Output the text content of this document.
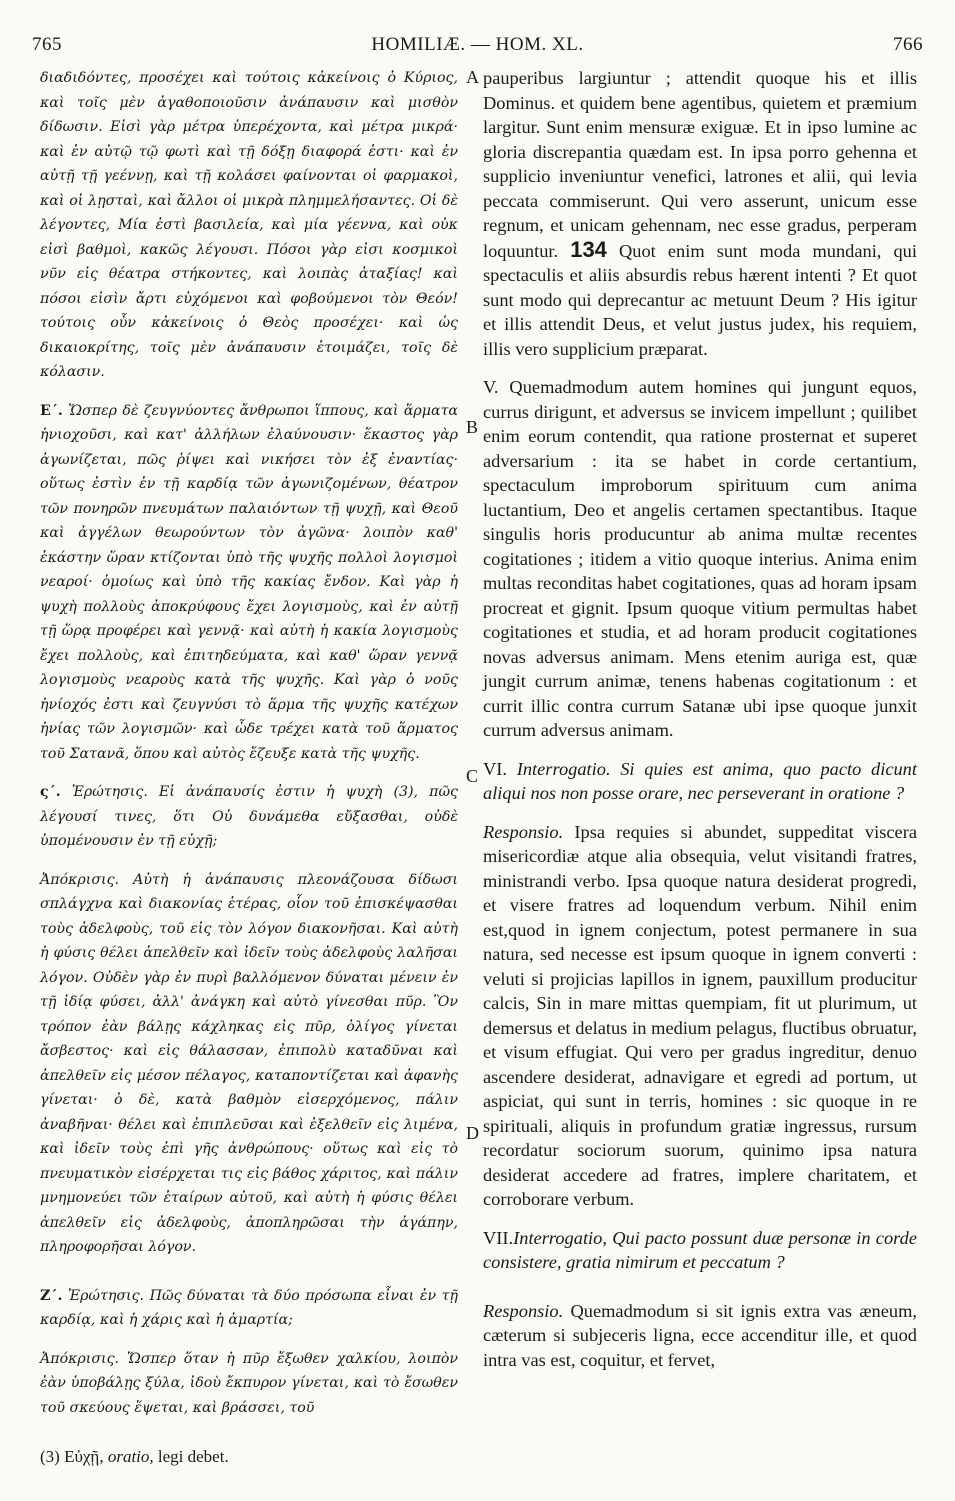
765	HOMILIÆ. — HOM. XL.	766

διαδιδόντες, προσέχει καὶ τούτοις κἀκείνοις ὁ Κύριος, καὶ τοῖς μὲν ἀγαθοποιοῦσιν ἀνάπαυσιν καὶ μισθὸν δίδωσιν. Εἰσὶ γὰρ μέτρα ὑπερέχοντα, καὶ μέτρα μικρά· καὶ ἐν αὐτῷ τῷ φωτὶ καὶ τῇ δόξῃ διαφορά ἐστι· καὶ ἐν αὐτῇ τῇ γεέννῃ, καὶ τῇ κολάσει φαίνονται οἱ φαρμακοὶ, καὶ οἱ λῃσταὶ, καὶ ἄλλοι οἱ μικρὰ πλημμελήσαντες. Οἱ δὲ λέγοντες, Μία ἐστὶ βασιλεία, καὶ μία γέεννα, καὶ οὐκ εἰσὶ βαθμοὶ, κακῶς λέγουσι. Πόσοι γὰρ εἰσι κοσμικοὶ νῦν εἰς θέατρα στήκοντες, καὶ λοιπὰς ἀταξίας! καὶ πόσοι εἰσὶν ἄρτι εὐχόμενοι καὶ φοβούμενοι τὸν Θεόν! τούτοις οὖν κἀκείνοις ὁ Θεὸς προσέχει· καὶ ὡς δικαιοκρίτης, τοῖς μὲν ἀνάπαυσιν ἑτοιμάζει, τοῖς δὲ κόλασιν.

Ε΄. Ὥσπερ δὲ ζευγνύοντες ἄνθρωποι ἵππους, καὶ ἅρματα ἡνιοχοῦσι, καὶ κατ' ἀλλήλων ἐλαύνουσιν· ἕκαστος γὰρ ἀγωνίζεται, πῶς ῥίψει καὶ νικήσει τὸν ἐξ ἐναντίας· οὕτως ἐστὶν ἐν τῇ καρδίᾳ τῶν ἀγωνιζομένων, θέατρον τῶν πονηρῶν πνευμάτων παλαιόντων τῇ ψυχῇ, καὶ Θεοῦ καὶ ἀγγέλων θεωρούντων τὸν ἀγῶνα· λοιπὸν καθ' ἑκάστην ὥραν κτίζονται ὑπὸ τῆς ψυχῆς πολλοὶ λογισμοὶ νεαροί· ὁμοίως καὶ ὑπὸ τῆς κακίας ἔνδον. Καὶ γὰρ ἡ ψυχὴ πολλοὺς ἀποκρύφους ἔχει λογισμοὺς, καὶ ἐν αὐτῇ τῇ ὥρᾳ προφέρει καὶ γεννᾷ· καὶ αὐτὴ ἡ κακία λογισμοὺς ἔχει πολλοὺς, καὶ ἐπιτηδεύματα, καὶ καθ' ὥραν γεννᾷ λογισμοὺς νεαροὺς κατὰ τῆς ψυχῆς. Καὶ γὰρ ὁ νοῦς ἡνίοχός ἐστι καὶ ζευγνύσι τὸ ἅρμα τῆς ψυχῆς κατέχων ἡνίας τῶν λογισμῶν· καὶ ὧδε τρέχει κατὰ τοῦ ἅρματος τοῦ Σατανᾶ, ὅπου καὶ αὐτὸς ἔζευξε κατὰ τῆς ψυχῆς.

ς΄. Ἐρώτησις. Εἰ ἀνάπαυσίς ἐστιν ἡ ψυχὴ (3), πῶς λέγουσί τινες, ὅτι Οὐ δυνάμεθα εὔξασθαι, οὐδὲ ὑπομένουσιν ἐν τῇ εὐχῇ;

Ἀπόκρισις. Αὐτὴ ἡ ἀνάπαυσις πλεονάζουσα δίδωσι σπλάγχνα καὶ διακονίας ἑτέρας, οἷον τοῦ ἐπισκέψασθαι τοὺς ἀδελφοὺς, τοῦ εἰς τὸν λόγον διακονῆσαι. Καὶ αὐτὴ ἡ φύσις θέλει ἀπελθεῖν καὶ ἰδεῖν τοὺς ἀδελφοὺς λαλῆσαι λόγον. Οὐδὲν γὰρ ἐν πυρὶ βαλλόμενον δύναται μένειν ἐν τῇ ἰδίᾳ φύσει, ἀλλ' ἀνάγκη καὶ αὐτὸ γίνεσθαι πῦρ. Ὃν τρόπον ἐὰν βάλῃς κάχληκας εἰς πῦρ, ὀλίγος γίνεται ἄσβεστος· καὶ εἰς θάλασσαν, ἐπιπολὺ καταδῦναι καὶ ἀπελθεῖν εἰς μέσον πέλαγος, καταποντίζεται καὶ ἀφανὴς γίνεται· ὁ δὲ, κατὰ βαθμὸν εἰσερχόμενος, πάλιν ἀναβῆναι· θέλει καὶ ἐπιπλεῦσαι καὶ ἐξελθεῖν εἰς λιμένα, καὶ ἰδεῖν τοὺς ἐπὶ γῆς ἀνθρώπους· οὕτως καὶ εἰς τὸ πνευματικὸν εἰσέρχεται τις εἰς βάθος χάριτος, καὶ πάλιν μνημονεύει τῶν ἑταίρων αὐτοῦ, καὶ αὐτὴ ἡ φύσις θέλει ἀπελθεῖν εἰς ἀδελφοὺς, ἀποπληρῶσαι τὴν ἀγάπην, πληροφορῆσαι λόγον.

Ζ΄. Ἐρώτησις. Πῶς δύναται τὰ δύο πρόσωπα εἶναι ἐν τῇ καρδίᾳ, καὶ ἡ χάρις καὶ ἡ ἁμαρτία;

Ἀπόκρισις. Ὥσπερ ὅταν ἡ πῦρ ἔξωθεν χαλκίου, λοιπὸν ἐὰν ὑποβάλῃς ξύλα, ἰδοὺ ἔκπυρον γίνεται, καὶ τὸ ἔσωθεν τοῦ σκεύους ἕψεται, καὶ βράσσει, τοῦ

A
B
C
D

pauperibus largiuntur ; attendit quoque his et illis Dominus. et quidem bene agentibus, quietem et præmium largitur. Sunt enim mensuræ exiguæ. Et in ipso lumine ac gloria discrepantia quædam est. In ipsa porro gehenna et supplicio inveniuntur venefici, latrones et alii, qui levia peccata commiserunt. Qui vero asserunt, unicum esse regnum, et unicam gehennam, nec esse gradus, perperam loquuntur. 134 Quot enim sunt moda mundani, qui spectaculis et aliis absurdis rebus hærent intenti ? Et quot sunt modo qui deprecantur ac metuunt Deum ? His igitur et illis attendit Deus, et velut justus judex, his requiem, illis vero supplicium præparat.

V. Quemadmodum autem homines qui jungunt equos, currus dirigunt, et adversus se invicem impellunt ; quilibet enim eorum contendit, qua ratione prosternat et superet adversarium : ita se habet in corde certantium, spectaculum improborum spirituum cum anima luctantium, Deo et angelis certamen spectantibus. Itaque singulis horis producuntur ab anima multæ recentes cogitationes ; itidem a vitio quoque interius. Anima enim multas reconditas habet cogitationes, quas ad horam ipsam procreat et gignit. Ipsum quoque vitium permultas habet cogitationes et studia, et ad horam producit cogitationes novas adversus animam. Mens etenim auriga est, quæ jungit currum animæ, tenens habenas cogitationum : et currit illic contra currum Satanæ ubi ipse quoque junxit currum adversus animam.

VI. Interrogatio. Si quies est anima, quo pacto dicunt aliqui nos non posse orare, nec perseverant in oratione ?

Responsio. Ipsa requies si abundet, suppeditat viscera misericordiæ atque alia obsequia, velut visitandi fratres, ministrandi verbo. Ipsa quoque natura desiderat progredi, et visere fratres ad loquendum verbum. Nihil enim est,quod in ignem conjectum, potest permanere in sua natura, sed necesse est ipsum quoque in ignem converti : veluti si projicias lapillos in ignem, pauxillum producitur calcis, Sin in mare mittas quempiam, fit ut plurimum, ut demersus et delatus in medium pelagus, fluctibus obruatur, et visum effugiat. Qui vero per gradus ingreditur, denuo ascendere desiderat, adnavigare et egredi ad portum, ut aspiciat, qui sunt in terris, homines : sic quoque in re spirituali, aliquis in profundum gratiæ ingressus, rursum recordatur sociorum suorum, quinimo ipsa natura desiderat accedere ad fratres, implere charitatem, et corroborare verbum.

VII.Interrogatio, Qui pacto possunt duæ personæ in corde consistere, gratia nimirum et peccatum ?

Responsio. Quemadmodum si sit ignis extra vas æneum, cæterum si subjeceris ligna, ecce accenditur ille, et quod intra vas est, coquitur, et fervet,

(3) Εὐχῇ, oratio, legi debet.
